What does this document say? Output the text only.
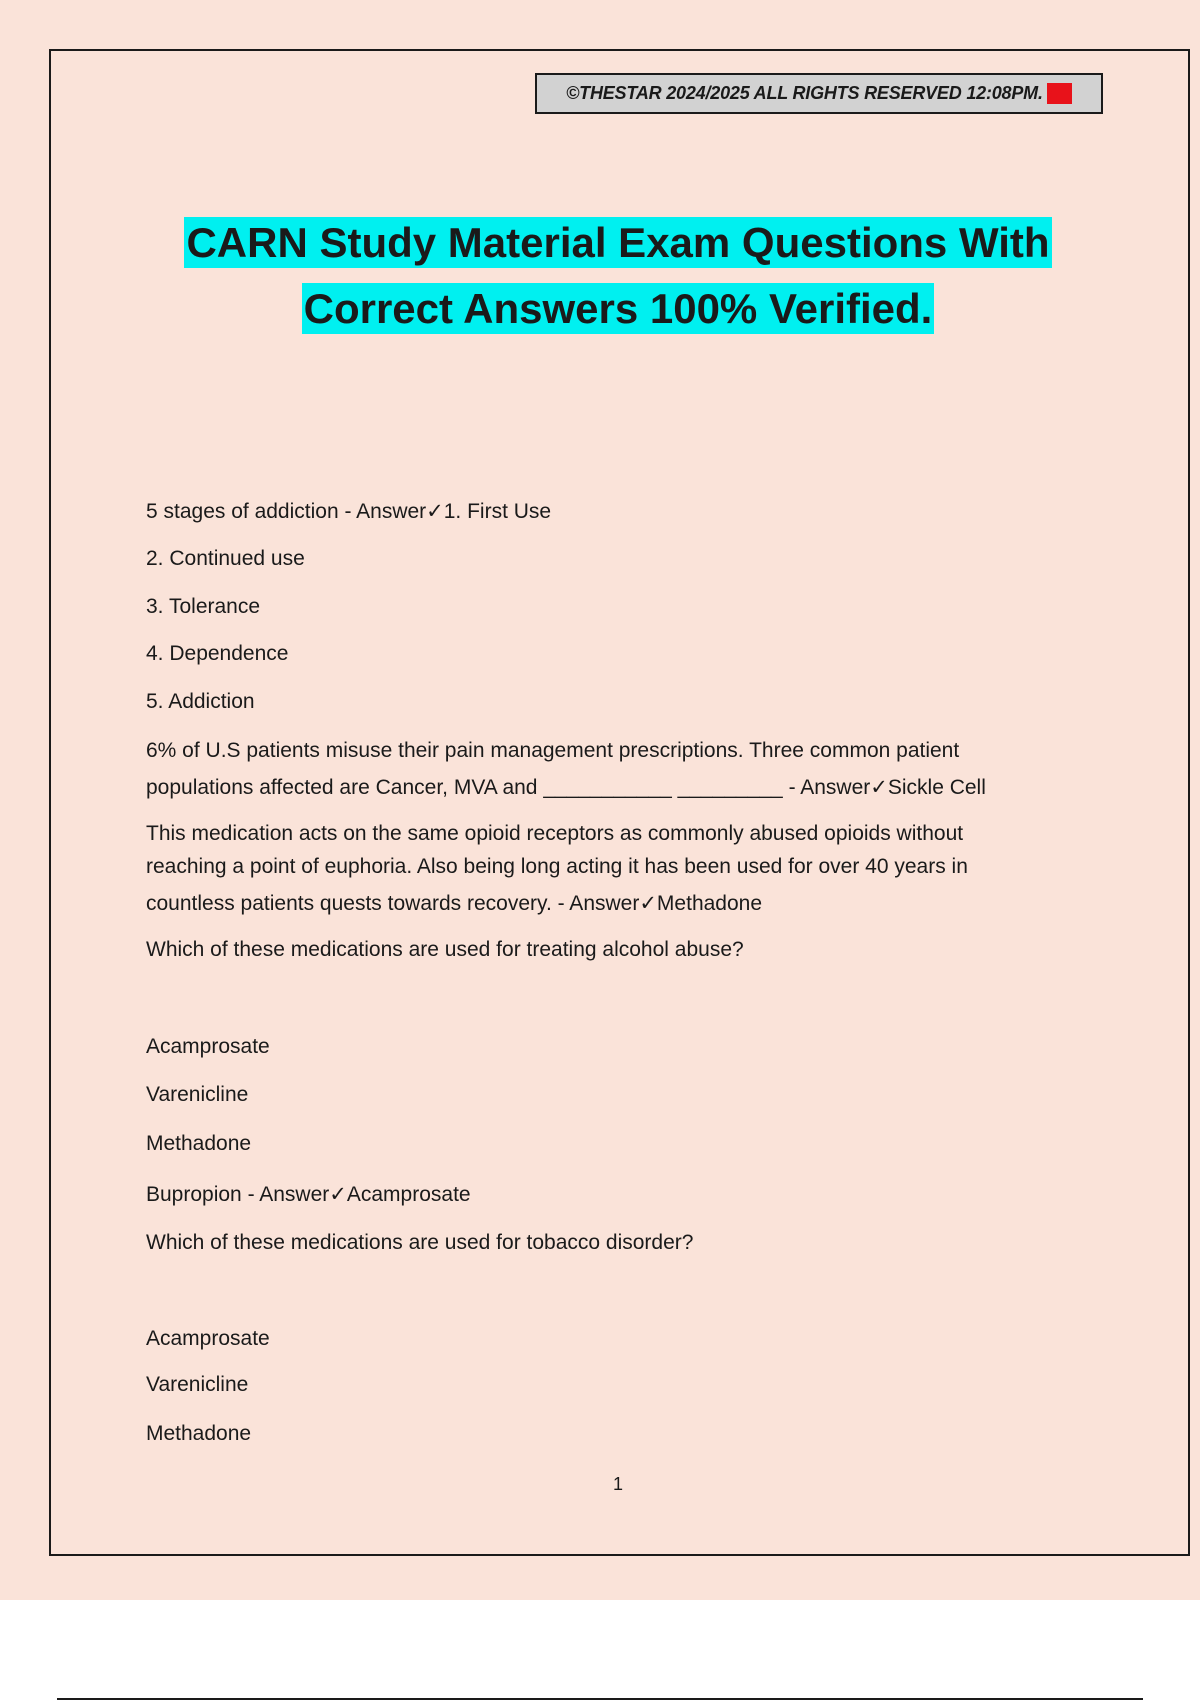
©THESTAR 2024/2025 ALL RIGHTS RESERVED 12:08PM. A+
CARN Study Material Exam Questions With
Correct Answers 100% Verified.
5 stages of addiction - Answer✓1. First Use
2. Continued use
3. Tolerance
4. Dependence
5. Addiction
6% of U.S patients misuse their pain management prescriptions. Three common patient
populations affected are Cancer, MVA and ___________ _________ - Answer✓Sickle Cell
This medication acts on the same opioid receptors as commonly abused opioids without
reaching a point of euphoria. Also being long acting it has been used for over 40 years in
countless patients quests towards recovery. - Answer✓Methadone
Which of these medications are used for treating alcohol abuse?
Acamprosate
Varenicline
Methadone
Bupropion - Answer✓Acamprosate
Which of these medications are used for tobacco disorder?
Acamprosate
Varenicline
Methadone
1
